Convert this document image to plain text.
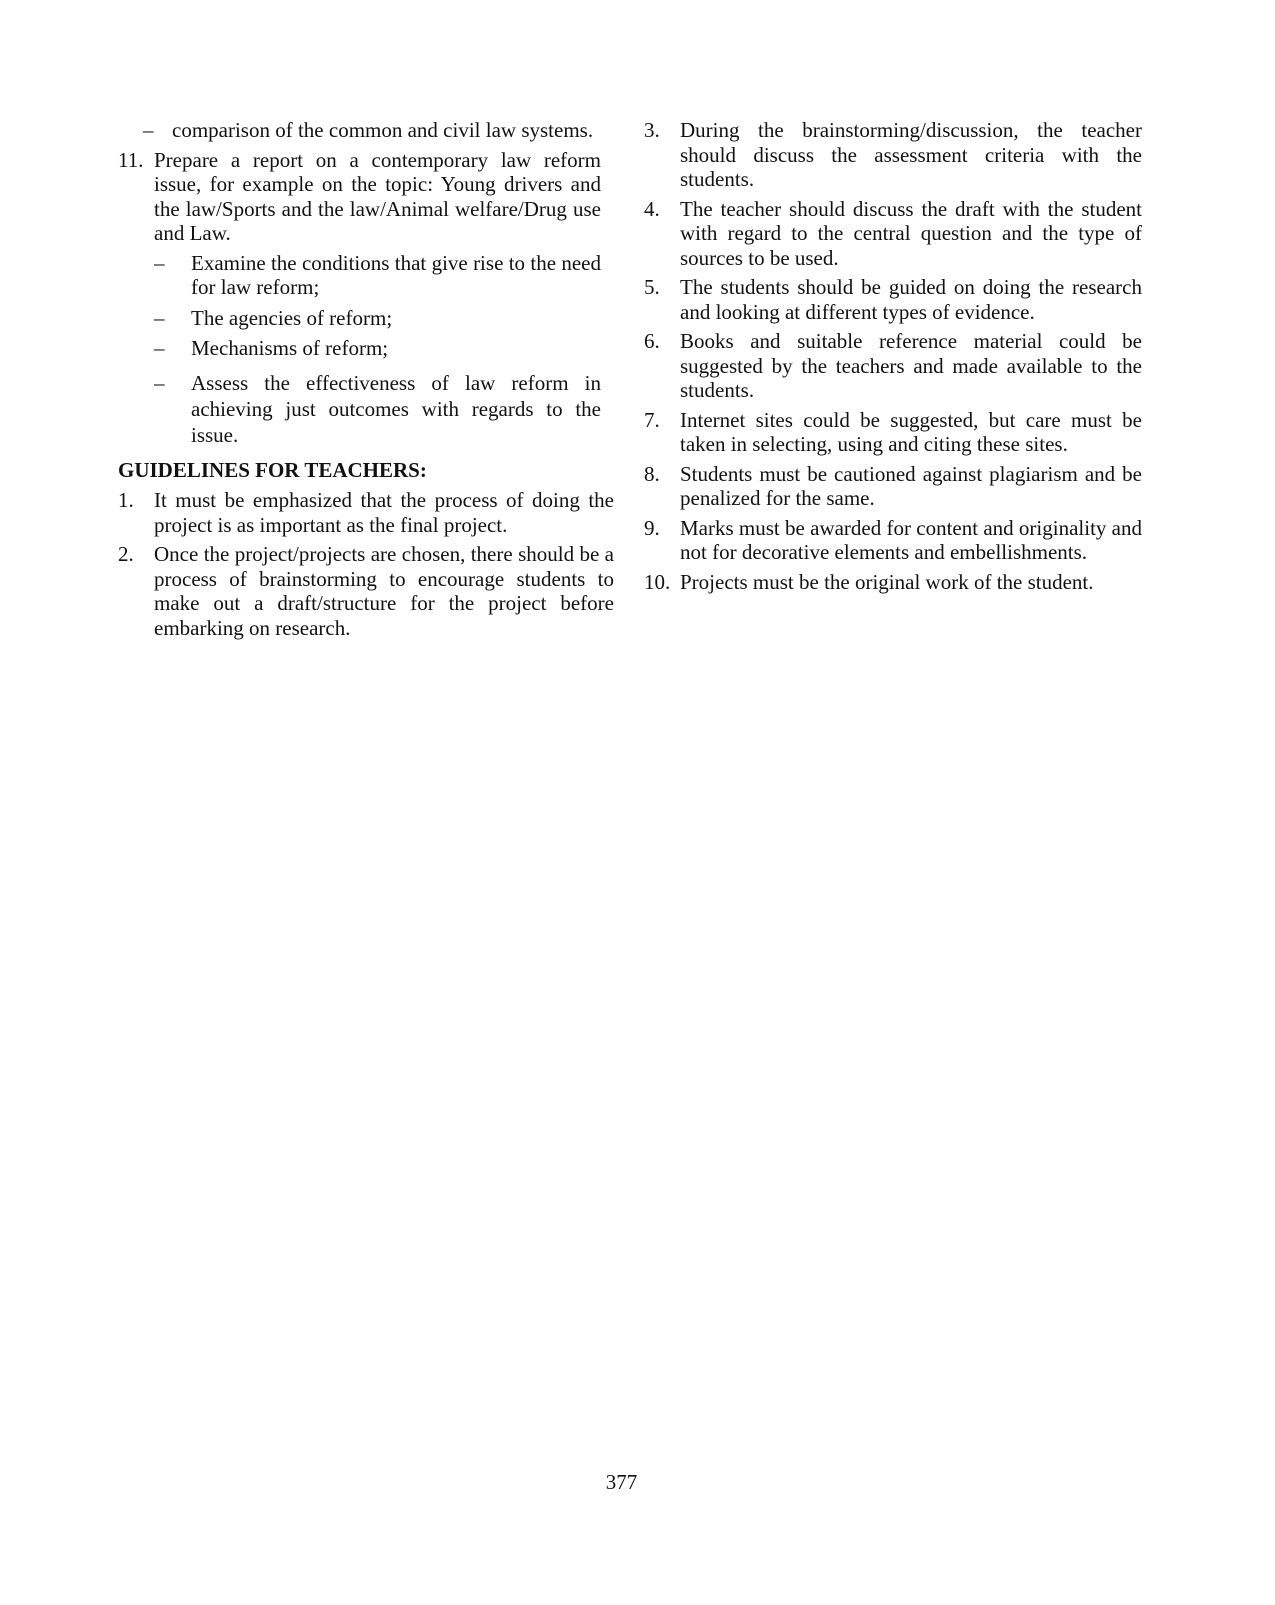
– comparison of the common and civil law systems.
11. Prepare a report on a contemporary law reform issue, for example on the topic: Young drivers and the law/Sports and the law/Animal welfare/Drug use and Law.
–	Examine the conditions that give rise to the need for law reform;
–	The agencies of reform;
–	Mechanisms of reform;
–	Assess the effectiveness of law reform in achieving just outcomes with regards to the issue.
GUIDELINES FOR TEACHERS:
1. It must be emphasized that the process of doing the project is as important as the final project.
2. Once the project/projects are chosen, there should be a process of brainstorming to encourage students to make out a draft/structure for the project before embarking on research.
3. During the brainstorming/discussion, the teacher should discuss the assessment criteria with the students.
4. The teacher should discuss the draft with the student with regard to the central question and the type of sources to be used.
5. The students should be guided on doing the research and looking at different types of evidence.
6. Books and suitable reference material could be suggested by the teachers and made available to the students.
7. Internet sites could be suggested, but care must be taken in selecting, using and citing these sites.
8. Students must be cautioned against plagiarism and be penalized for the same.
9. Marks must be awarded for content and originality and not for decorative elements and embellishments.
10. Projects must be the original work of the student.
377
